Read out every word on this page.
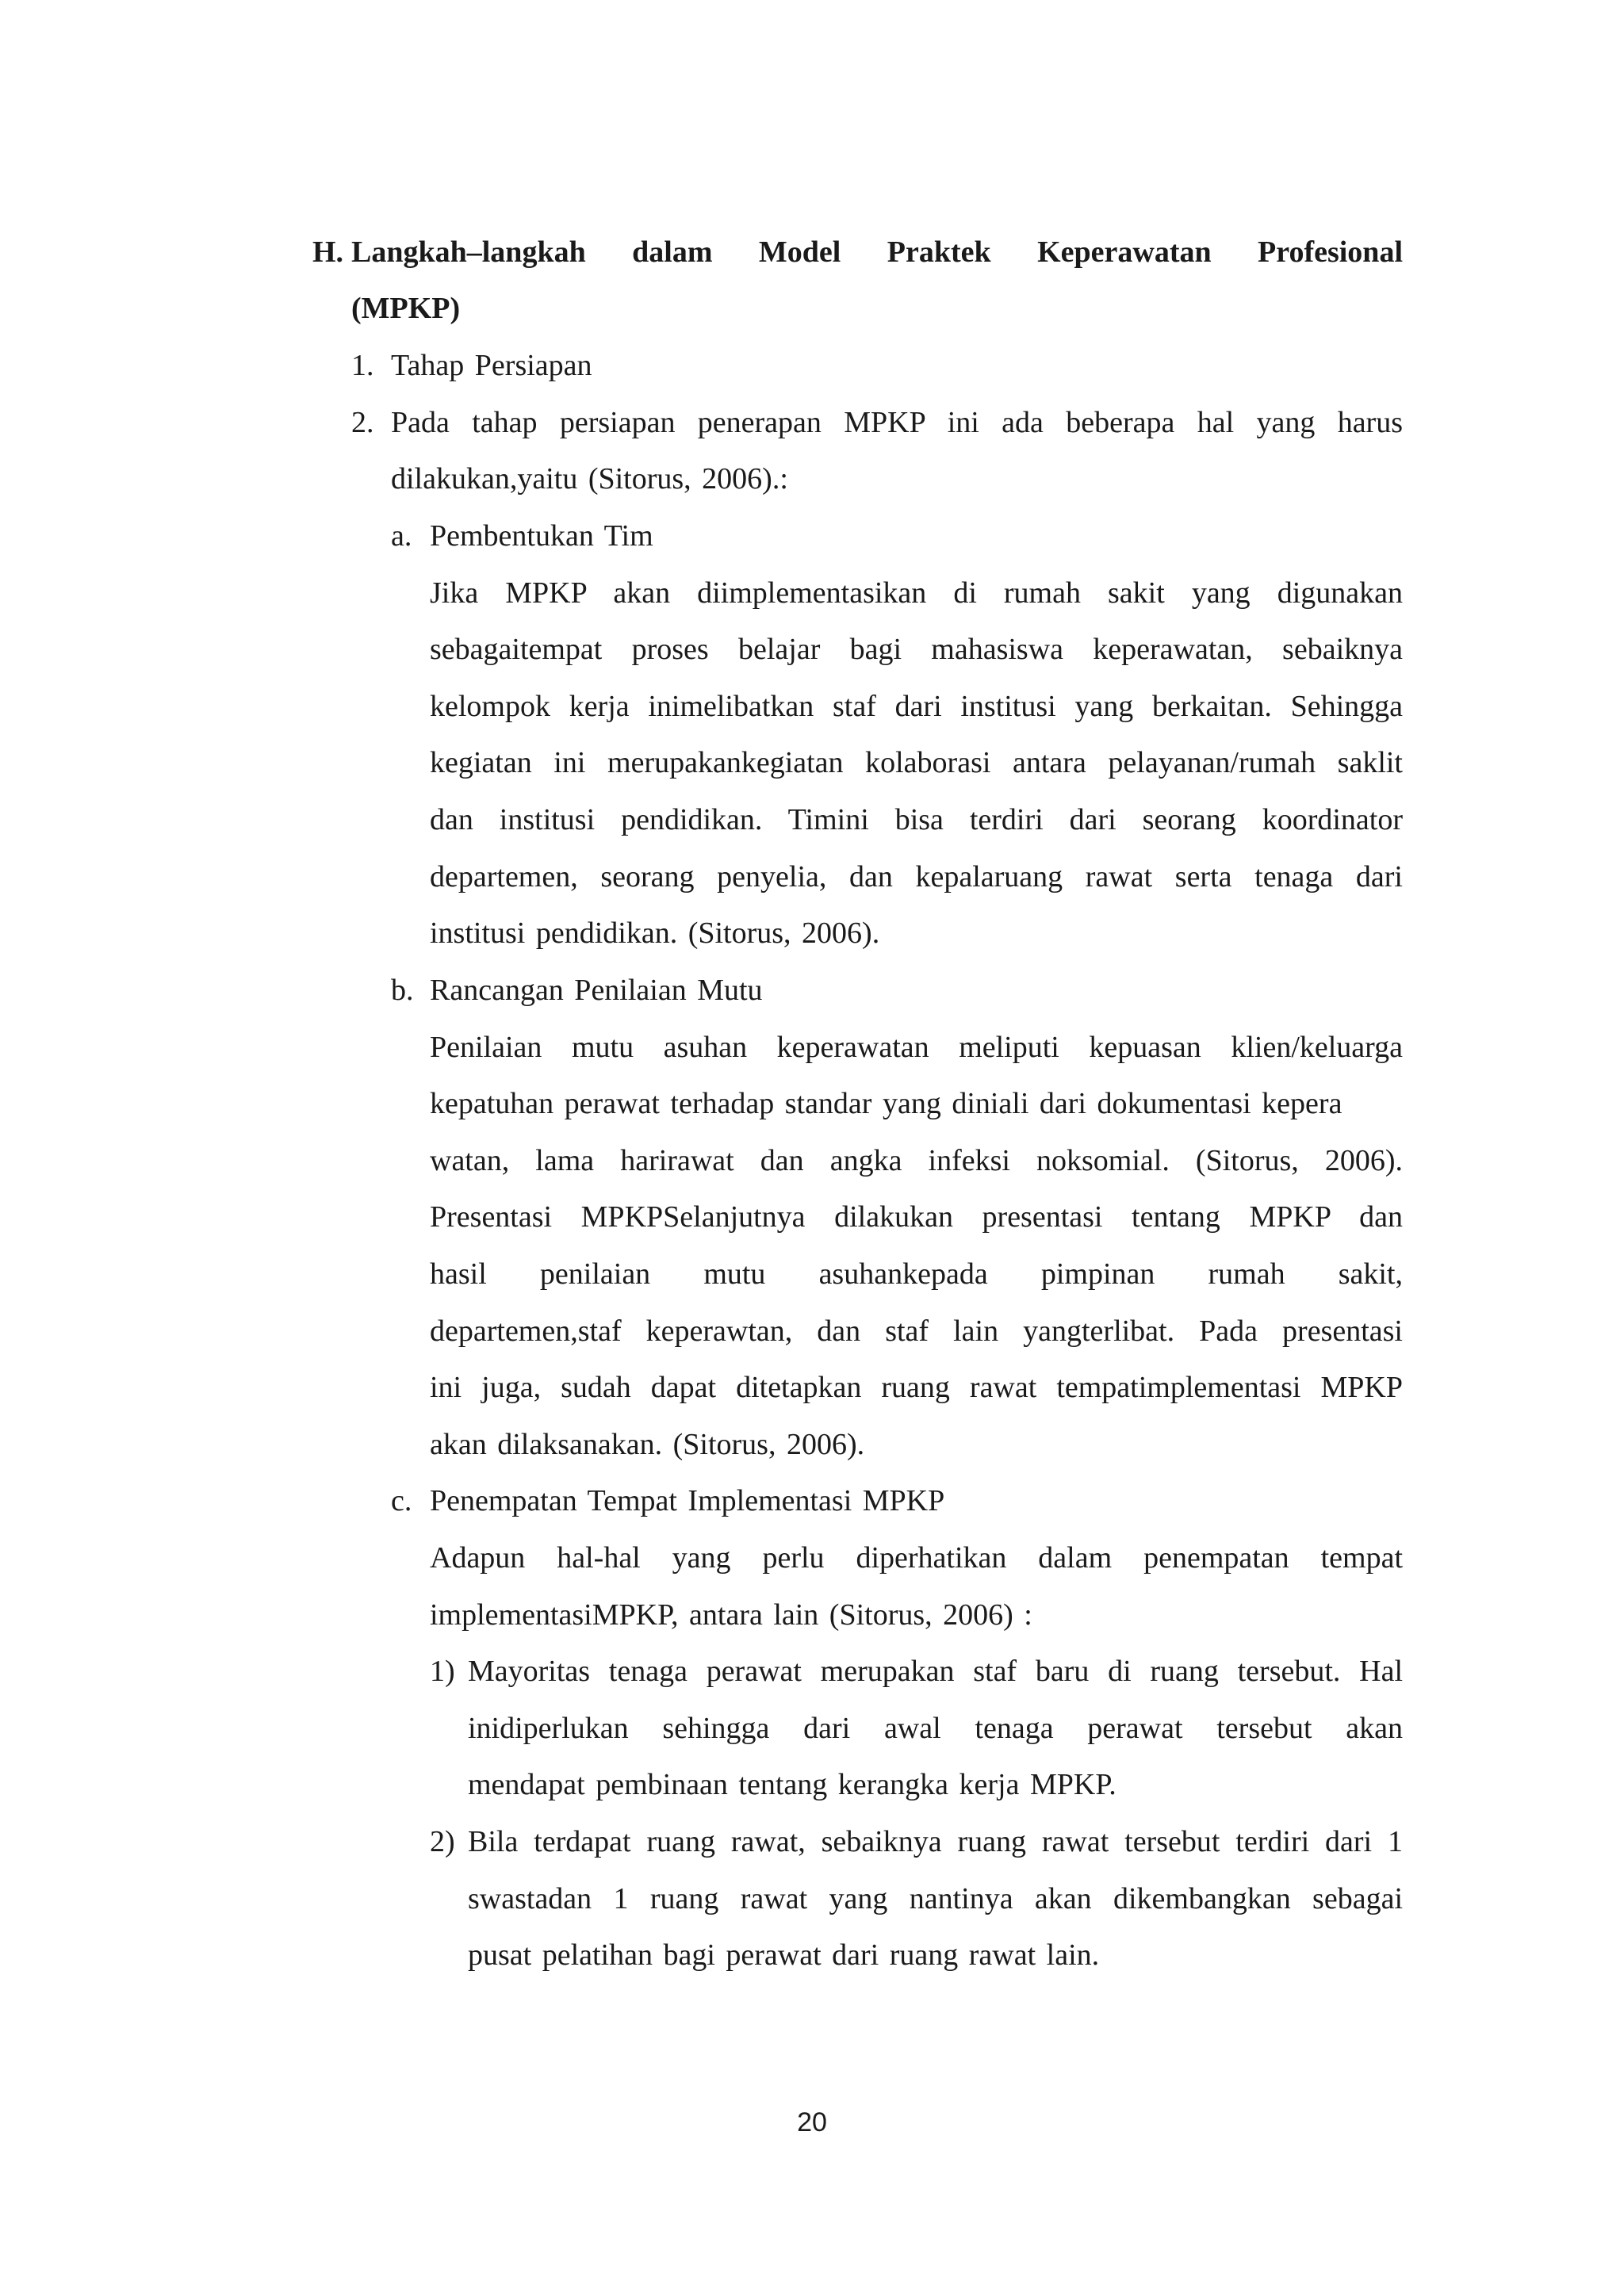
H. Langkah–langkah dalam Model Praktek Keperawatan Profesional
(MPKP)
1. Tahap Persiapan
2. Pada tahap persiapan penerapan MPKP ini ada beberapa hal yang harus
dilakukan,yaitu (Sitorus, 2006).:
a. Pembentukan Tim
Jika MPKP akan diimplementasikan di rumah sakit yang digunakan
sebagaitempat proses belajar bagi mahasiswa keperawatan, sebaiknya
kelompok kerja inimelibatkan staf dari institusi yang berkaitan. Sehingga
kegiatan ini merupakankegiatan kolaborasi antara pelayanan/rumah saklit
dan institusi pendidikan. Timini bisa terdiri dari seorang koordinator
departemen, seorang penyelia, dan kepalaruang rawat serta tenaga dari
institusi pendidikan. (Sitorus, 2006).
b. Rancangan Penilaian Mutu
Penilaian mutu asuhan keperawatan meliputi kepuasan klien/keluarga
kepatuhan perawat terhadap standar yang diniali dari dokumentasi kepera
watan, lama harirawat dan angka infeksi noksomial. (Sitorus, 2006).
Presentasi MPKPSelanjutnya dilakukan presentasi tentang MPKP dan
hasil penilaian mutu asuhankepada pimpinan rumah sakit,
departemen,staf keperawtan, dan staf lain yangterlibat. Pada presentasi
ini juga, sudah dapat ditetapkan ruang rawat tempatimplementasi MPKP
akan dilaksanakan. (Sitorus, 2006).
c. Penempatan Tempat Implementasi MPKP
Adapun hal-hal yang perlu diperhatikan dalam penempatan tempat
implementasiMPKP, antara lain (Sitorus, 2006) :
1) Mayoritas tenaga perawat merupakan staf baru di ruang tersebut. Hal
inidiperlukan sehingga dari awal tenaga perawat tersebut akan
mendapat pembinaan tentang kerangka kerja MPKP.
2) Bila terdapat ruang rawat, sebaiknya ruang rawat tersebut terdiri dari 1
swastadan 1 ruang rawat yang nantinya akan dikembangkan sebagai
pusat pelatihan bagi perawat dari ruang rawat lain.
20
